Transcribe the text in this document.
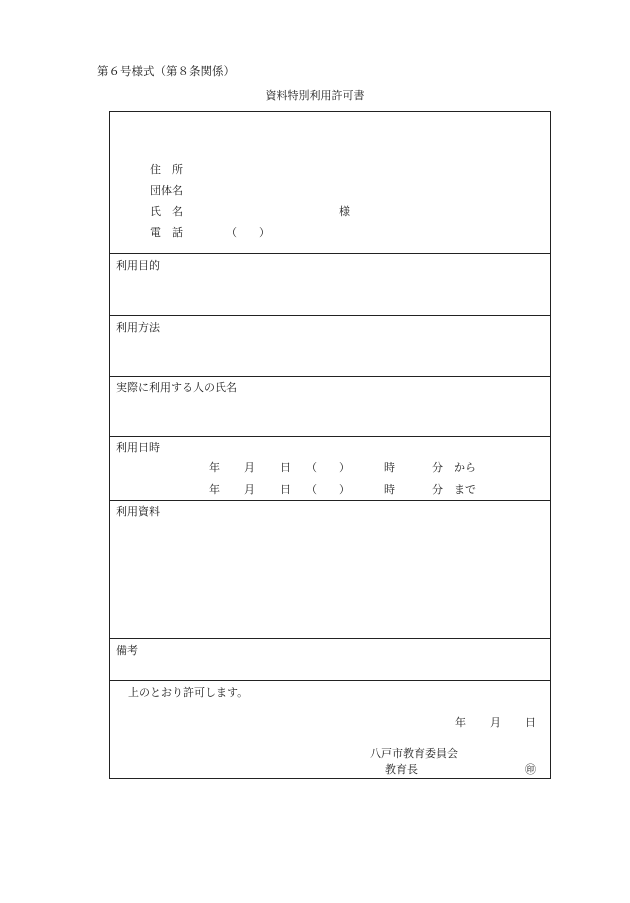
第６号様式（第８条関係）
資料特別利用許可書
住　所
団体名
氏　名	様
電　話	（　　）
利用目的
利用方法
実際に利用する人の氏名
利用日時
年 月 日 （　　）	時	分 から
年 月 日 （　　）	時	分 まで
利用資料
備考
上のとおり許可します。
年 月 日
八戸市教育委員会
教育長	㊞
